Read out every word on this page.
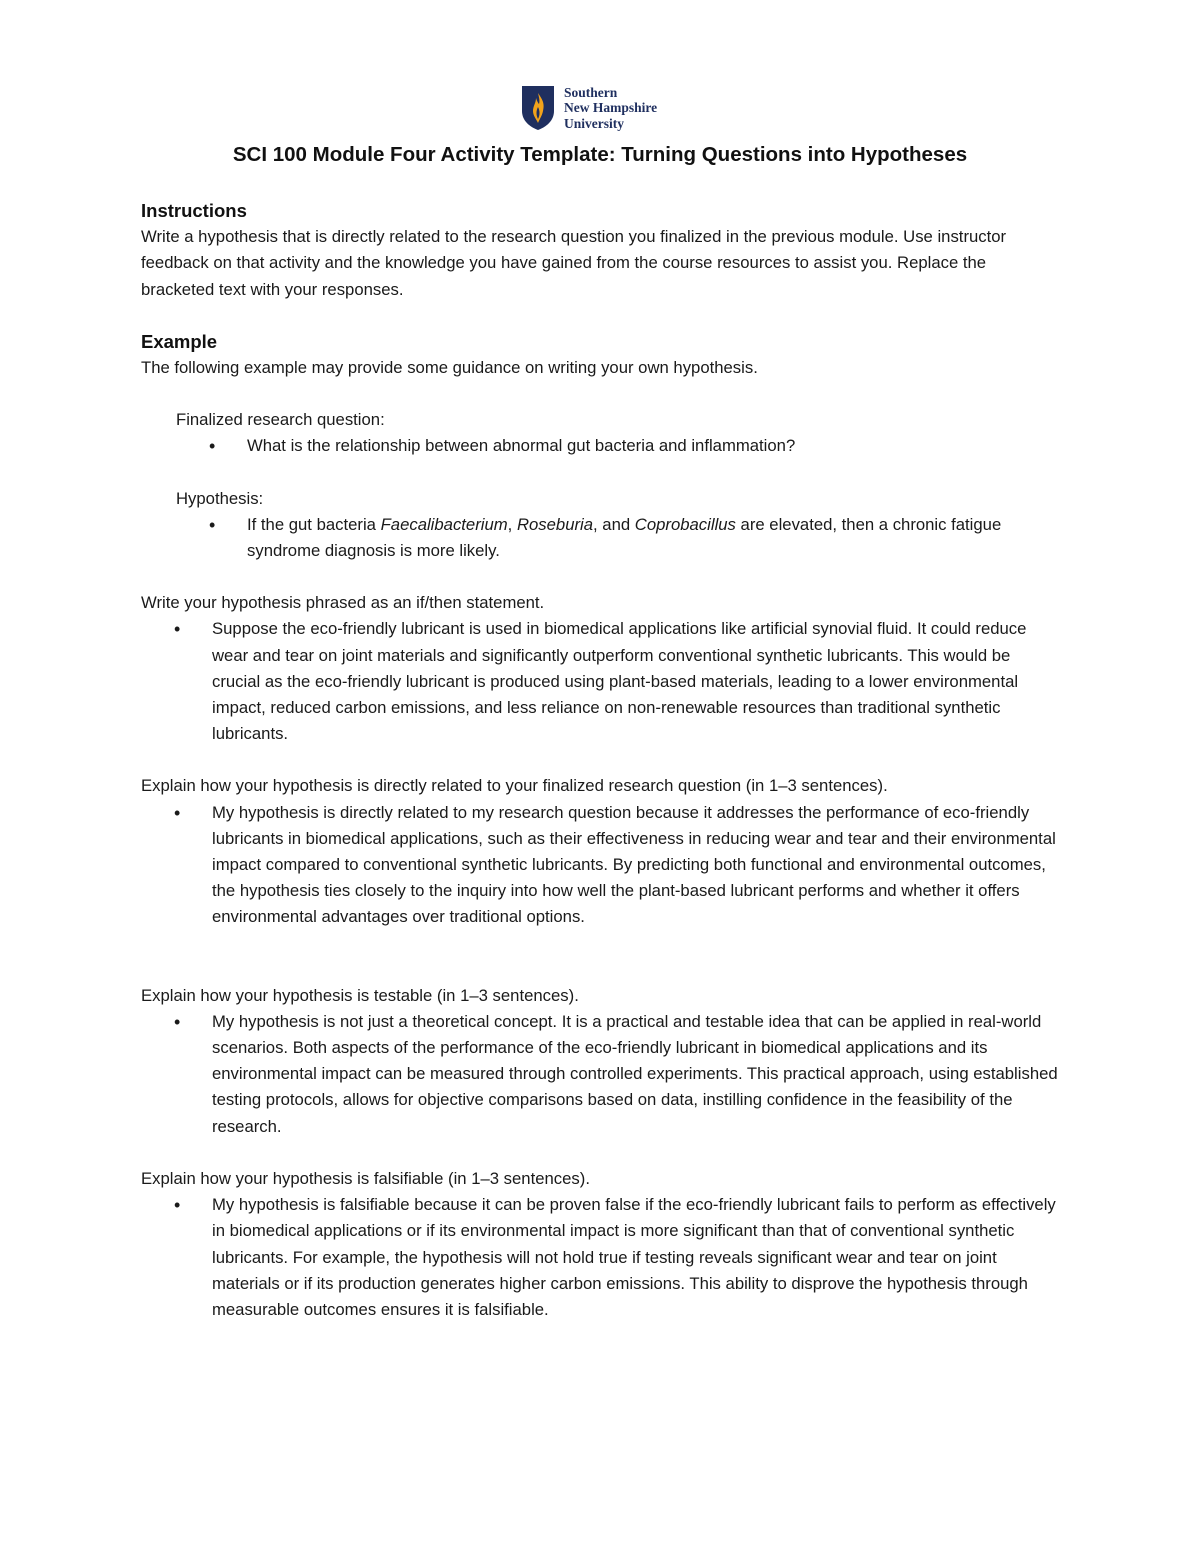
Southern
New Hampshire
University
SCI 100 Module Four Activity Template: Turning Questions into Hypotheses

Instructions

Write a hypothesis that is directly related to the research question you finalized in the previous module. Use instructor feedback on that activity and the knowledge you have gained from the course resources to assist you. Replace the bracketed text with your responses.

Example

The following example may provide some guidance on writing your own hypothesis.

Finalized research question:

• What is the relationship between abnormal gut bacteria and inflammation?

Hypothesis:

• If the gut bacteria Faecalibacterium, Roseburia, and Coprobacillus are elevated, then a chronic fatigue syndrome diagnosis is more likely.

Write your hypothesis phrased as an if/then statement.

• Suppose the eco-friendly lubricant is used in biomedical applications like artificial synovial fluid. It could reduce wear and tear on joint materials and significantly outperform conventional synthetic lubricants. This would be crucial as the eco-friendly lubricant is produced using plant-based materials, leading to a lower environmental impact, reduced carbon emissions, and less reliance on non-renewable resources than traditional synthetic lubricants.

Explain how your hypothesis is directly related to your finalized research question (in 1–3 sentences).

• My hypothesis is directly related to my research question because it addresses the performance of eco-friendly lubricants in biomedical applications, such as their effectiveness in reducing wear and tear and their environmental impact compared to conventional synthetic lubricants. By predicting both functional and environmental outcomes, the hypothesis ties closely to the inquiry into how well the plant-based lubricant performs and whether it offers environmental advantages over traditional options.

Explain how your hypothesis is testable (in 1–3 sentences).

• My hypothesis is not just a theoretical concept. It is a practical and testable idea that can be applied in real-world scenarios. Both aspects of the performance of the eco-friendly lubricant in biomedical applications and its environmental impact can be measured through controlled experiments. This practical approach, using established testing protocols, allows for objective comparisons based on data, instilling confidence in the feasibility of the research.

Explain how your hypothesis is falsifiable (in 1–3 sentences).

• My hypothesis is falsifiable because it can be proven false if the eco-friendly lubricant fails to perform as effectively in biomedical applications or if its environmental impact is more significant than that of conventional synthetic lubricants. For example, the hypothesis will not hold true if testing reveals significant wear and tear on joint materials or if its production generates higher carbon emissions. This ability to disprove the hypothesis through measurable outcomes ensures it is falsifiable.
